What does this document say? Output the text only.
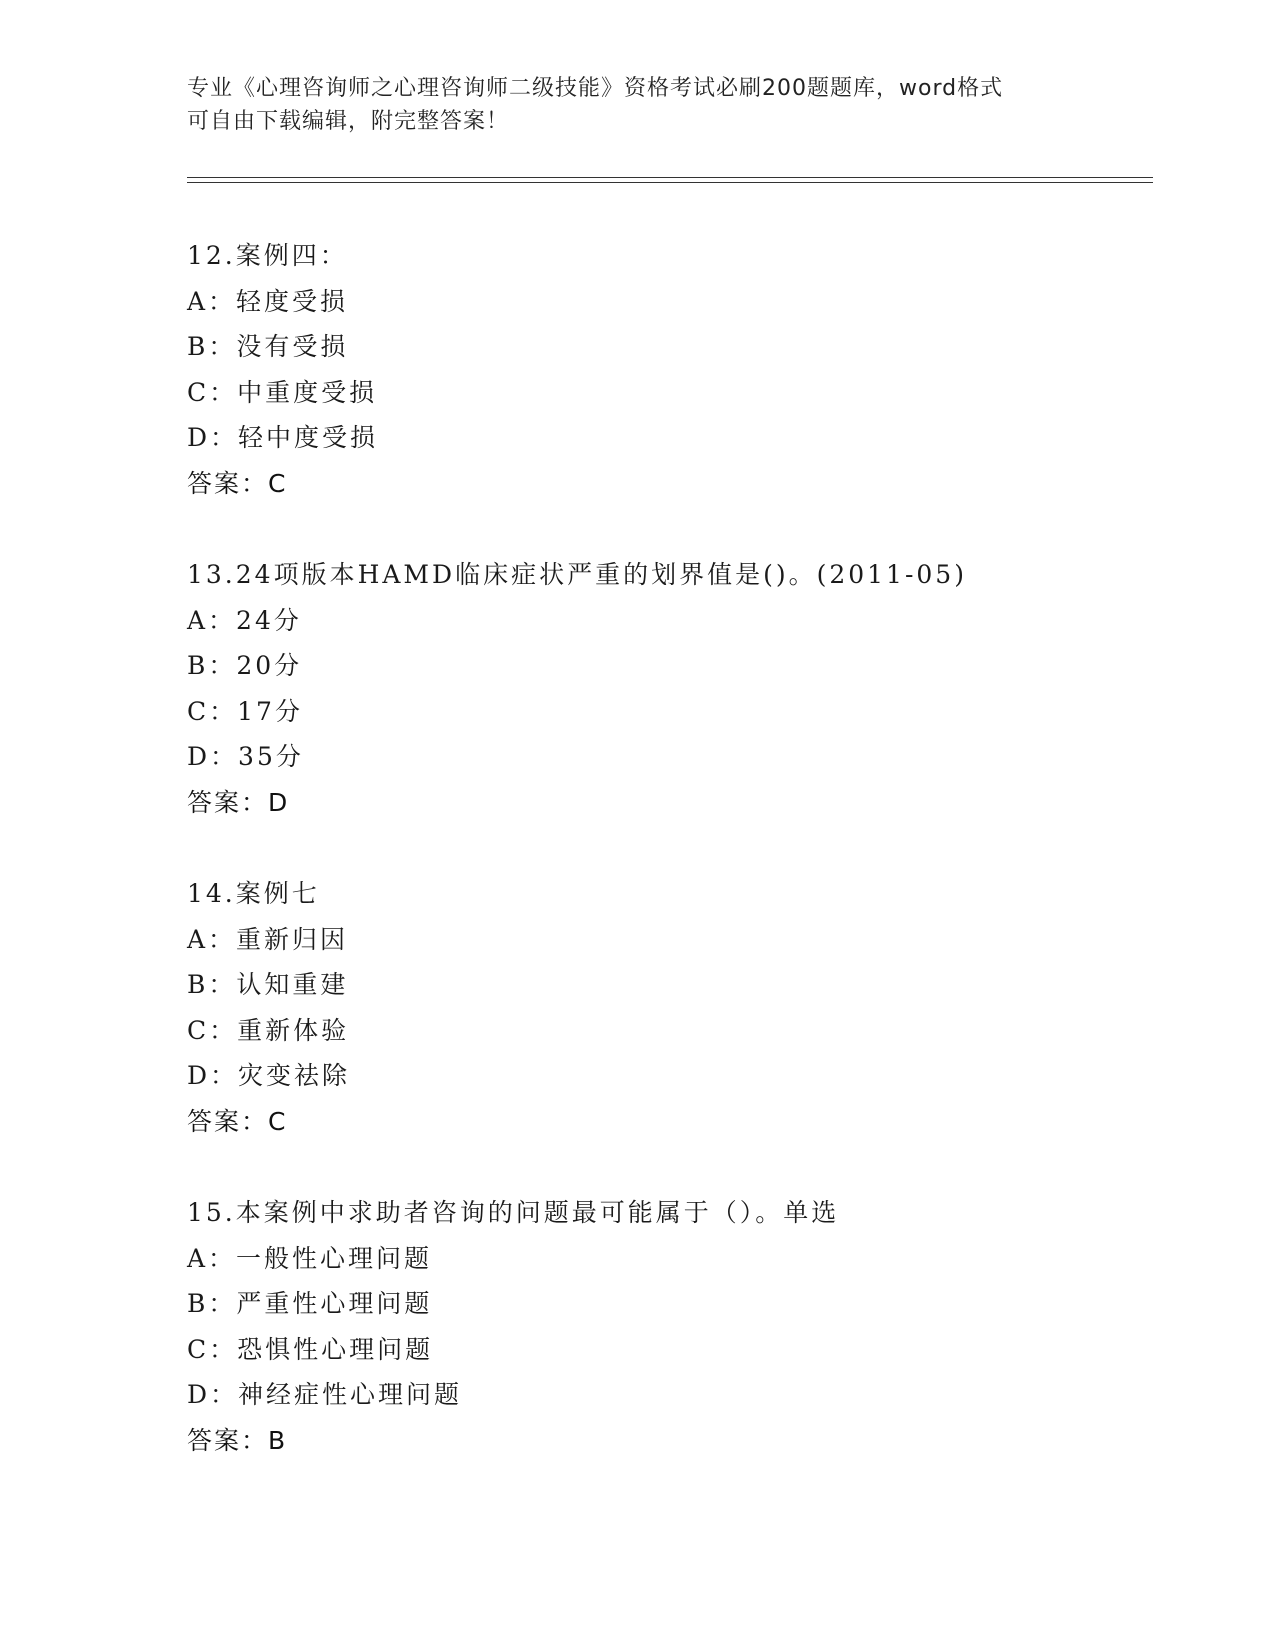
专业《心理咨询师之心理咨询师二级技能》资格考试必刷200题题库，word格式
可自由下载编辑，附完整答案！
12.案例四：
A：轻度受损
B：没有受损
C：中重度受损
D：轻中度受损
答案：C
13.24项版本HAMD临床症状严重的划界值是()。(2011-05)
A：24分
B：20分
C：17分
D：35分
答案：D
14.案例七
A：重新归因
B：认知重建
C：重新体验
D：灾变祛除
答案：C
15.本案例中求助者咨询的问题最可能属于（）。单选
A：一般性心理问题
B：严重性心理问题
C：恐惧性心理问题
D：神经症性心理问题
答案：B
